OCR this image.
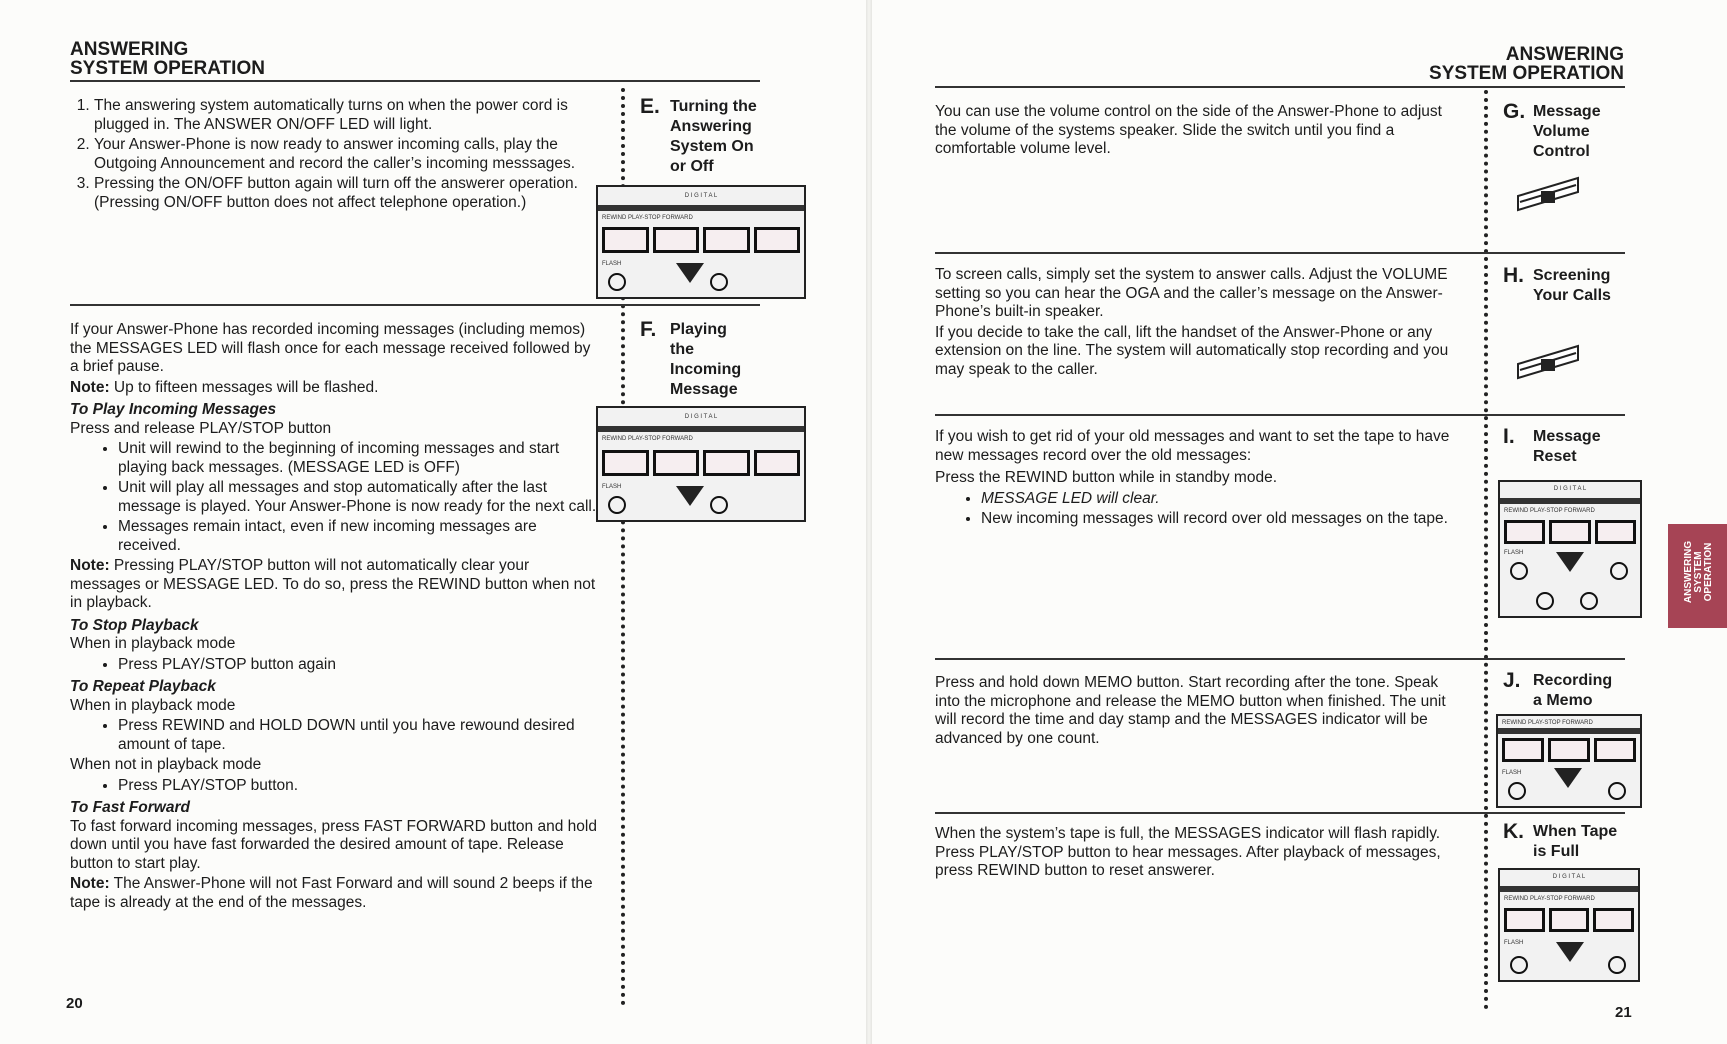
ANSWERING
SYSTEM OPERATION
1. The answering system automatically turns on when the power cord is plugged in. The ANSWER ON/OFF LED will light.
2. Your Answer-Phone is now ready to answer incoming calls, play the Outgoing Announcement and record the caller’s incoming messsages.
3. Pressing the ON/OFF button again will turn off the answerer operation. (Pressing ON/OFF button does not affect telephone operation.)
E. Turning the
Answering
System On
or Off
D I G I T A L
REWIND PLAY-STOP FORWARD
FLASH
F. Playing
the
Incoming
Message
D I G I T A L
REWIND PLAY-STOP FORWARD
FLASH

If your Answer-Phone has recorded incoming messages (including memos) the MESSAGES LED will flash once for each message received followed by a brief pause.

Note: Up to fifteen messages will be flashed.

To Play Incoming Messages

Press and release PLAY/STOP button

• Unit will rewind to the beginning of incoming messages and start playing back messages. (MESSAGE LED is OFF)
• Unit will play all messages and stop automatically after the last message is played. Your Answer-Phone is now ready for the next call.
• Messages remain intact, even if new incoming messages are received.

Note: Pressing PLAY/STOP button will not automatically clear your messages or MESSAGE LED. To do so, press the REWIND button when not in playback.

To Stop Playback

When in playback mode

• Press PLAY/STOP button again
To Repeat Playback

When in playback mode

• Press REWIND and HOLD DOWN until you have rewound desired amount of tape.

When not in playback mode

• Press PLAY/STOP button.
To Fast Forward

To fast forward incoming messages, press FAST FORWARD button and hold down until you have fast forwarded the desired amount of tape. Release button to start play.

Note: The Answer-Phone will not Fast Forward and will sound 2 beeps if the tape is already at the end of the messages.

20
ANSWERING
SYSTEM OPERATION
You can use the volume control on the side of the Answer-Phone to adjust the volume of the systems speaker. Slide the switch until you find a comfortable volume level.
G. Message
Volume
Control

To screen calls, simply set the system to answer calls. Adjust the VOLUME setting so you can hear the OGA and the caller’s message on the Answer-Phone’s built-in speaker.

If you decide to take the call, lift the handset of the Answer-Phone or any extension on the line. The system will automatically stop recording and you may speak to the caller.

H. Screening
Your Calls

If you wish to get rid of your old messages and want to set the tape to have new messages record over the old messages:

Press the REWIND button while in standby mode.

• MESSAGE LED will clear.
• New incoming messages will record over old messages on the tape.
I.	Message
Reset
D I G I T A L
REWIND PLAY-STOP FORWARD
FLASH
Press and hold down MEMO button. Start recording after the tone. Speak into the microphone and release the MEMO button when finished. The unit will record the time and day stamp and the MESSAGES indicator will be advanced by one count.
J. Recording
a Memo
REWIND PLAY-STOP FORWARD
FLASH
When the system’s tape is full, the MESSAGES indicator will flash rapidly. Press PLAY/STOP button to hear messages. After playback of messages, press REWIND button to reset answerer.
K. When Tape
is Full
D I G I T A L
REWIND PLAY-STOP FORWARD
FLASH
ANSWERING SYSTEM OPERATION
21
